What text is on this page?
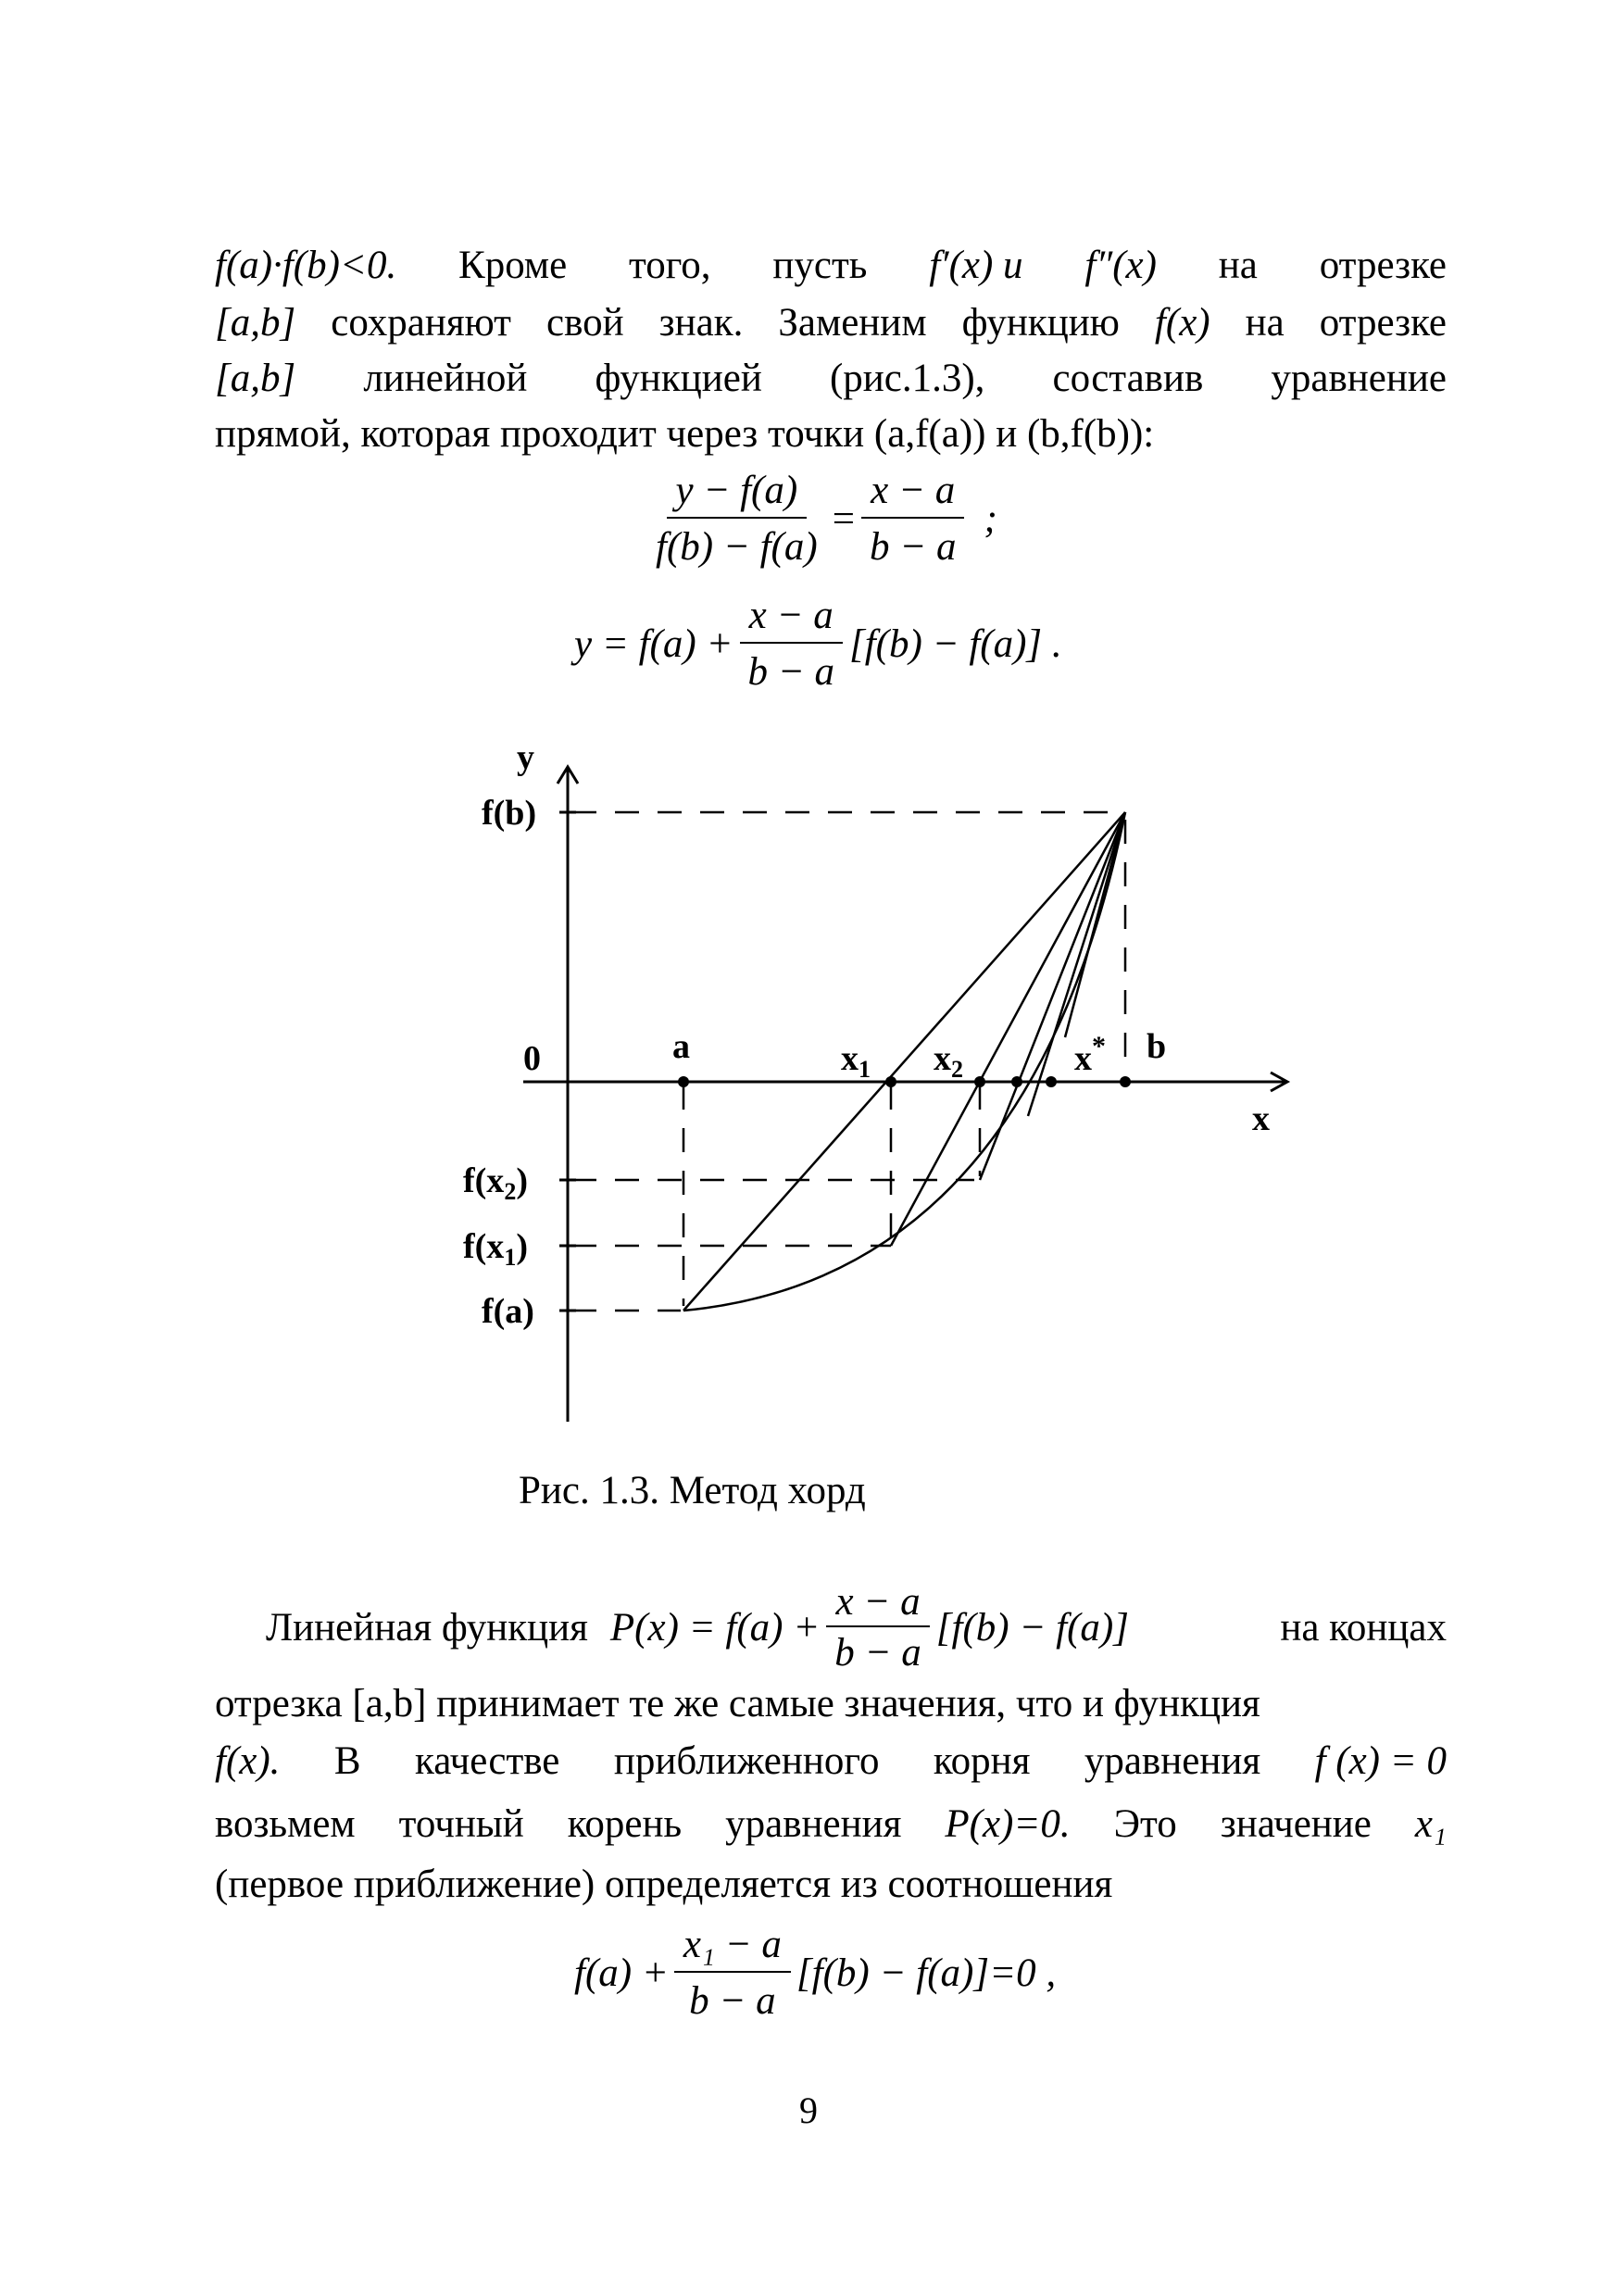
f(a)·f(b)<0. Кроме того, пусть f′(x) и f″(x) на отрезке
[a,b] сохраняют свой знак. Заменим функцию f(x) на отрезке
[a,b] линейной функцией (рис.1.3), составив уравнение
прямой, которая проходит через точки (a,f(a)) и (b,f(b)):
$\frac{y - f(a)}{f(b) - f(a)} = \frac{x - a}{b - a}$ ;
$y = f(a) + \frac{x - a}{b - a} [f(b) - f(a)]$ .
y
x
0	a	$x_1$ $x_2$	x* b
f(b)
$f(x_2)$
$f(x_1)$
f(a)
Рис. 1.3. Метод хорд
Линейная функция $P(x) = f(a) + \frac{x - a}{b - a} [f(b) - f(a)]$	на концах
отрезка [a,b] принимает те же самые значения, что и функция
f(x). В качестве приближенного корня уравнения f (x) = 0
возьмем точный корень уравнения P(x)=0. Это значение x₁
(первое приближение) определяется из соотношения
$f(a) + \frac{\text{x₁ − a}}{b - a} [f(b) - f(a)]=0$ ,
9
